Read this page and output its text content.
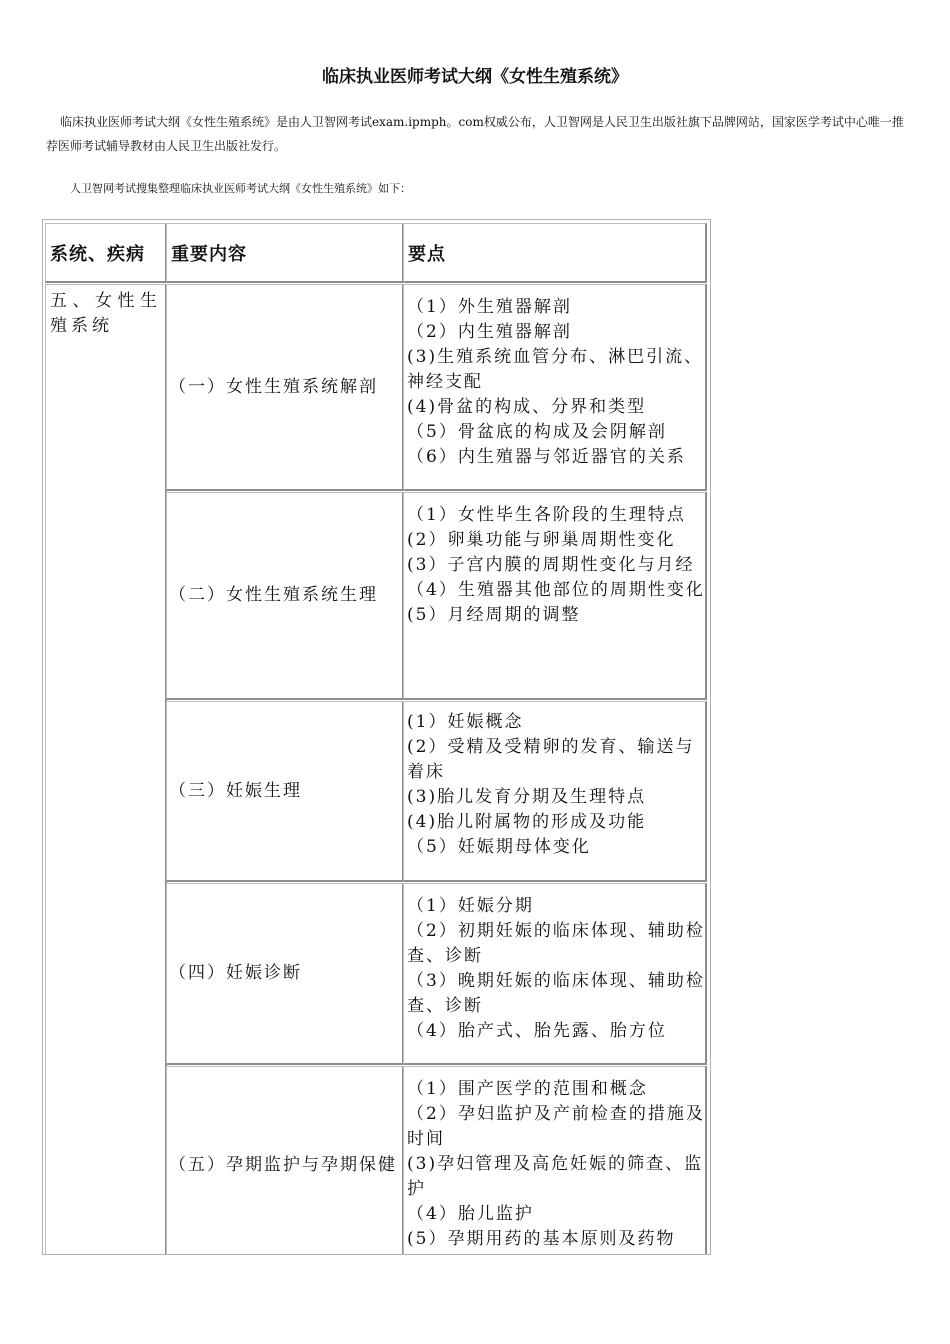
临床执业医师考试大纲《女性生殖系统》

临床执业医师考试大纲《女性生殖系统》是由人卫智网考试exam.ipmph。com权威公布，人卫智网是人民卫生出版社旗下品牌网站，国家医学考试中心唯一推荐医师考试辅导教材由人民卫生出版社发行。

人卫智网考试搜集整理临床执业医师考试大纲《女性生殖系统》如下：

系统、疾病	重要内容	要点
五、女性生殖系统
（一）女性生殖系统解剖
（1）外生殖器解剖
（2）内生殖器解剖
(3)生殖系统血管分布、淋巴引流、神经支配
(4)骨盆的构成、分界和类型
（5）骨盆底的构成及会阴解剖
（6）内生殖器与邻近器官的关系
（二）女性生殖系统生理
（1）女性毕生各阶段的生理特点
(2）卵巢功能与卵巢周期性变化
(3）子宫内膜的周期性变化与月经
（4）生殖器其他部位的周期性变化
(5）月经周期的调整
（三）妊娠生理
(1）妊娠概念
(2）受精及受精卵的发育、输送与着床
(3)胎儿发育分期及生理特点
(4)胎儿附属物的形成及功能
（5）妊娠期母体变化
（四）妊娠诊断
（1）妊娠分期
（2）初期妊娠的临床体现、辅助检查、诊断
（3）晚期妊娠的临床体现、辅助检查、诊断
（4）胎产式、胎先露、胎方位
（五）孕期监护与孕期保健
（1）围产医学的范围和概念
（2）孕妇监护及产前检查的措施及时间
(3)孕妇管理及高危妊娠的筛查、监护
（4）胎儿监护
(5）孕期用药的基本原则及药物
